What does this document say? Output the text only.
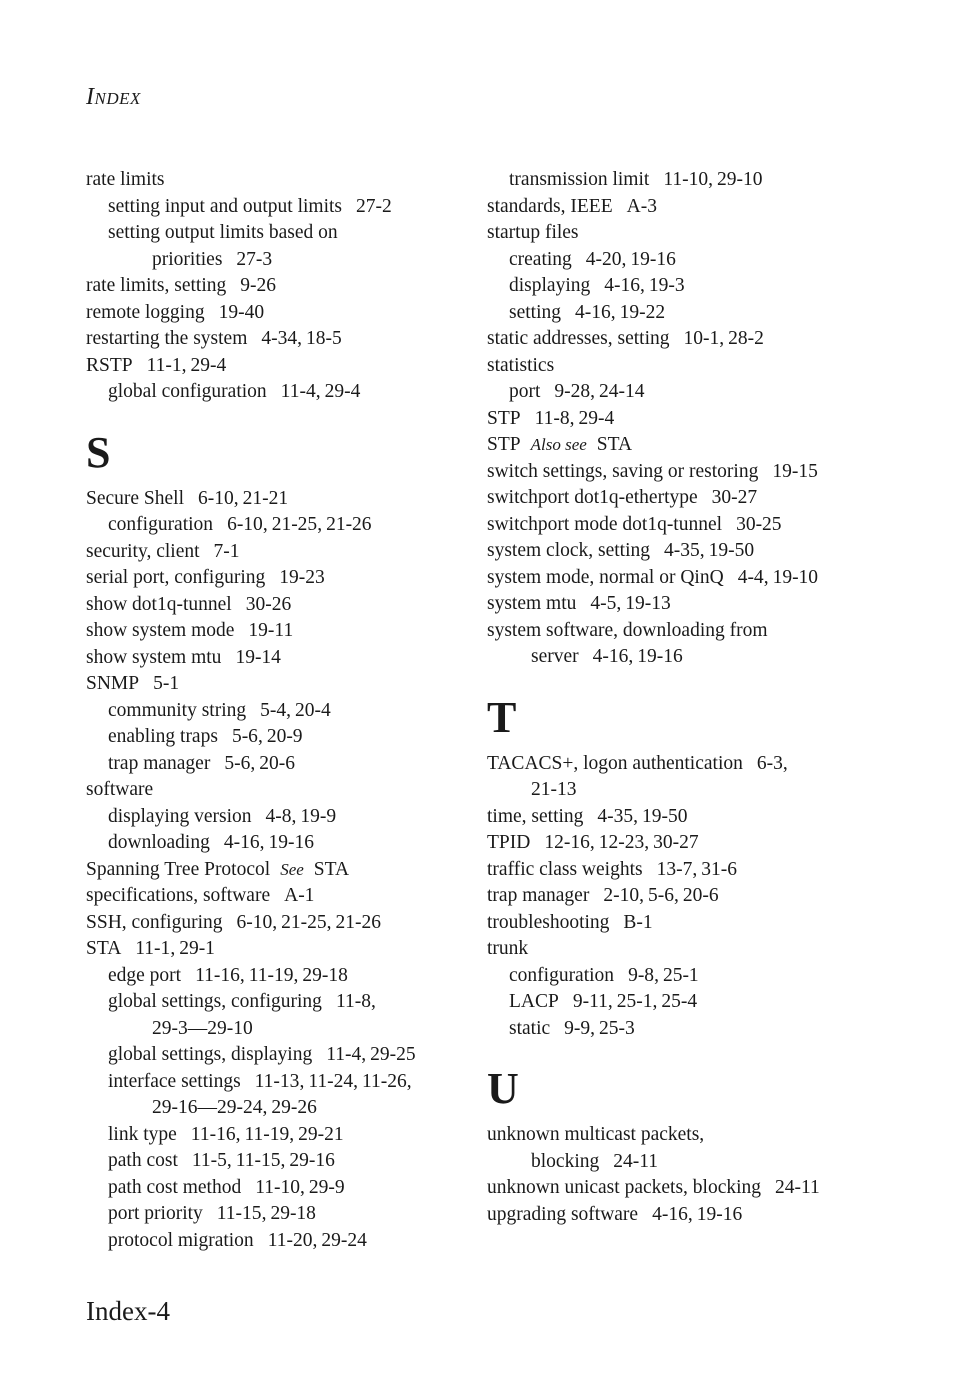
INDEX
rate limits
setting input and output limits 27-2
setting output limits based on
priorities 27-3
rate limits, setting 9-26
remote logging 19-40
restarting the system 4-34, 18-5
RSTP 11-1, 29-4
global configuration 11-4, 29-4
S
Secure Shell 6-10, 21-21
configuration 6-10, 21-25, 21-26
security, client 7-1
serial port, configuring 19-23
show dot1q-tunnel 30-26
show system mode 19-11
show system mtu 19-14
SNMP 5-1
community string 5-4, 20-4
enabling traps 5-6, 20-9
trap manager 5-6, 20-6
software
displaying version 4-8, 19-9
downloading 4-16, 19-16
Spanning Tree Protocol See STA
specifications, software A-1
SSH, configuring 6-10, 21-25, 21-26
STA 11-1, 29-1
edge port 11-16, 11-19, 29-18
global settings, configuring 11-8,
29-3—29-10
global settings, displaying 11-4, 29-25
interface settings 11-13, 11-24, 11-26,
29-16—29-24, 29-26
link type 11-16, 11-19, 29-21
path cost 11-5, 11-15, 29-16
path cost method 11-10, 29-9
port priority 11-15, 29-18
protocol migration 11-20, 29-24
transmission limit 11-10, 29-10
standards, IEEE A-3
startup files
creating 4-20, 19-16
displaying 4-16, 19-3
setting 4-16, 19-22
static addresses, setting 10-1, 28-2
statistics
port 9-28, 24-14
STP 11-8, 29-4
STP Also see STA
switch settings, saving or restoring 19-15
switchport dot1q-ethertype 30-27
switchport mode dot1q-tunnel 30-25
system clock, setting 4-35, 19-50
system mode, normal or QinQ 4-4, 19-10
system mtu 4-5, 19-13
system software, downloading from
server 4-16, 19-16
T
TACACS+, logon authentication 6-3,
21-13
time, setting 4-35, 19-50
TPID 12-16, 12-23, 30-27
traffic class weights 13-7, 31-6
trap manager 2-10, 5-6, 20-6
troubleshooting B-1
trunk
configuration 9-8, 25-1
LACP 9-11, 25-1, 25-4
static 9-9, 25-3
U
unknown multicast packets,
blocking 24-11
unknown unicast packets, blocking 24-11
upgrading software 4-16, 19-16
Index-4
